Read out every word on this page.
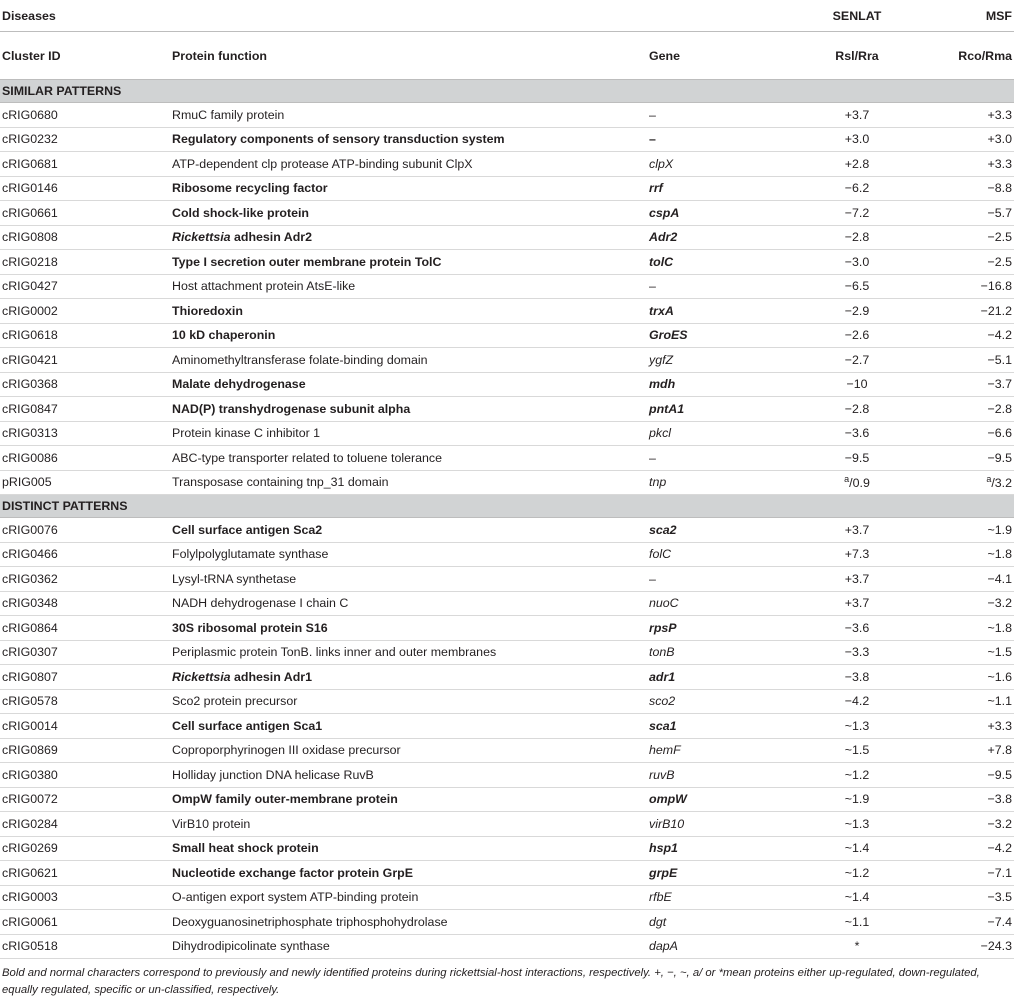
Diseases			SENLAT	MSF
Cluster ID	Protein function	Gene	Rsl/Rra	Rco/Rma
SIMILAR PATTERNS				
cRIG0680	RmuC family protein	–	+3.7	+3.3
cRIG0232	Regulatory components of sensory transduction system	–	+3.0	+3.0
cRIG0681	ATP-dependent clp protease ATP-binding subunit ClpX	clpX	+2.8	+3.3
cRIG0146	Ribosome recycling factor	rrf	−6.2	−8.8
cRIG0661	Cold shock-like protein	cspA	−7.2	−5.7
cRIG0808	Rickettsia adhesin Adr2	Adr2	−2.8	−2.5
cRIG0218	Type I secretion outer membrane protein TolC	tolC	−3.0	−2.5
cRIG0427	Host attachment protein AtsE-like	–	−6.5	−16.8
cRIG0002	Thioredoxin	trxA	−2.9	−21.2
cRIG0618	10 kD chaperonin	GroES	−2.6	−4.2
cRIG0421	Aminomethyltransferase folate-binding domain	ygfZ	−2.7	−5.1
cRIG0368	Malate dehydrogenase	mdh	−10	−3.7
cRIG0847	NAD(P) transhydrogenase subunit alpha	pntA1	−2.8	−2.8
cRIG0313	Protein kinase C inhibitor 1	pkcl	−3.6	−6.6
cRIG0086	ABC-type transporter related to toluene tolerance	–	−9.5	−9.5
pRIG005	Transposase containing tnp_31 domain	tnp	$^a$/0.9	$^a$/3.2
DISTINCT PATTERNS				
cRIG0076	Cell surface antigen Sca2	sca2	+3.7	~1.9
cRIG0466	Folylpolyglutamate synthase	folC	+7.3	~1.8
cRIG0362	Lysyl-tRNA synthetase	–	+3.7	−4.1
cRIG0348	NADH dehydrogenase I chain C	nuoC	+3.7	−3.2
cRIG0864	30S ribosomal protein S16	rpsP	−3.6	~1.8
cRIG0307	Periplasmic protein TonB. links inner and outer membranes	tonB	−3.3	~1.5
cRIG0807	Rickettsia adhesin Adr1	adr1	−3.8	~1.6
cRIG0578	Sco2 protein precursor	sco2	−4.2	~1.1
cRIG0014	Cell surface antigen Sca1	sca1	~1.3	+3.3
cRIG0869	Coproporphyrinogen III oxidase precursor	hemF	~1.5	+7.8
cRIG0380	Holliday junction DNA helicase RuvB	ruvB	~1.2	−9.5
cRIG0072	OmpW family outer-membrane protein	ompW	~1.9	−3.8
cRIG0284	VirB10 protein	virB10	~1.3	−3.2
cRIG0269	Small heat shock protein	hsp1	~1.4	−4.2
cRIG0621	Nucleotide exchange factor protein GrpE	grpE	~1.2	−7.1
cRIG0003	O-antigen export system ATP-binding protein	rfbE	~1.4	−3.5
cRIG0061	Deoxyguanosinetriphosphate triphosphohydrolase	dgt	~1.1	−7.4
cRIG0518	Dihydrodipicolinate synthase	dapA	*	−24.3
Bold and normal characters correspond to previously and newly identified proteins during rickettsial-host interactions, respectively. +, −, ~, a/ or *mean proteins either up-regulated, down-regulated, equally regulated, specific or un-classified, respectively.
